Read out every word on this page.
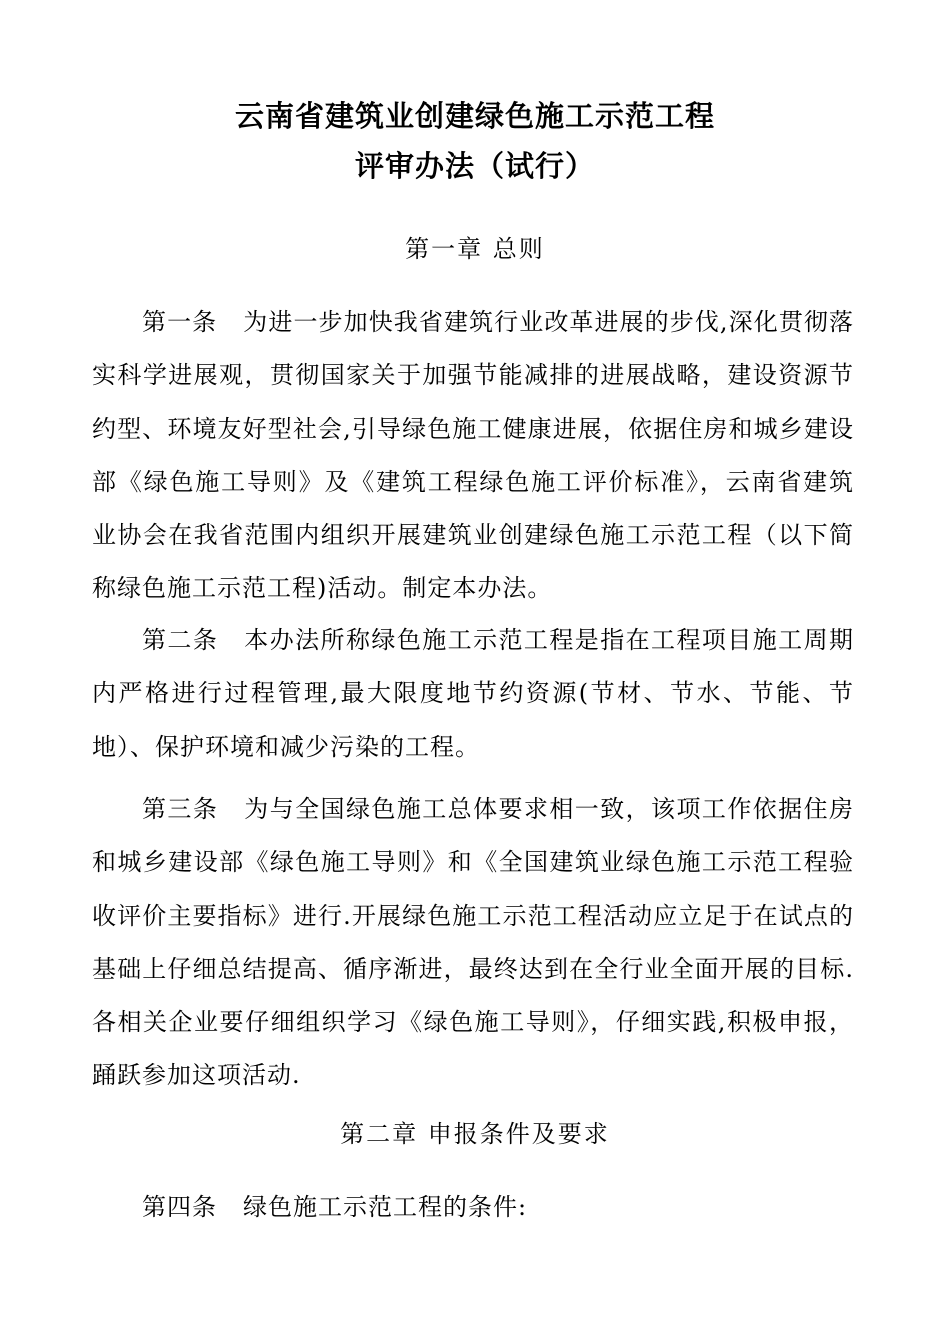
云南省建筑业创建绿色施工示范工程
评审办法（试行）
第一章 总则

第一条 为进一步加快我省建筑行业改革进展的步伐,深化贯彻落实科学进展观，贯彻国家关于加强节能减排的进展战略，建设资源节约型、环境友好型社会,引导绿色施工健康进展，依据住房和城乡建设部《绿色施工导则》及《建筑工程绿色施工评价标准》，云南省建筑业协会在我省范围内组织开展建筑业创建绿色施工示范工程（以下简称绿色施工示范工程)活动。制定本办法。

第二条 本办法所称绿色施工示范工程是指在工程项目施工周期内严格进行过程管理,最大限度地节约资源(节材、节水、节能、节地）、保护环境和减少污染的工程。

第三条 为与全国绿色施工总体要求相一致，该项工作依据住房和城乡建设部《绿色施工导则》和《全国建筑业绿色施工示范工程验收评价主要指标》进行.开展绿色施工示范工程活动应立足于在试点的基础上仔细总结提高、循序渐进，最终达到在全行业全面开展的目标.各相关企业要仔细组织学习《绿色施工导则》，仔细实践,积极申报，踊跃参加这项活动.

第二章 申报条件及要求

第四条 绿色施工示范工程的条件:
